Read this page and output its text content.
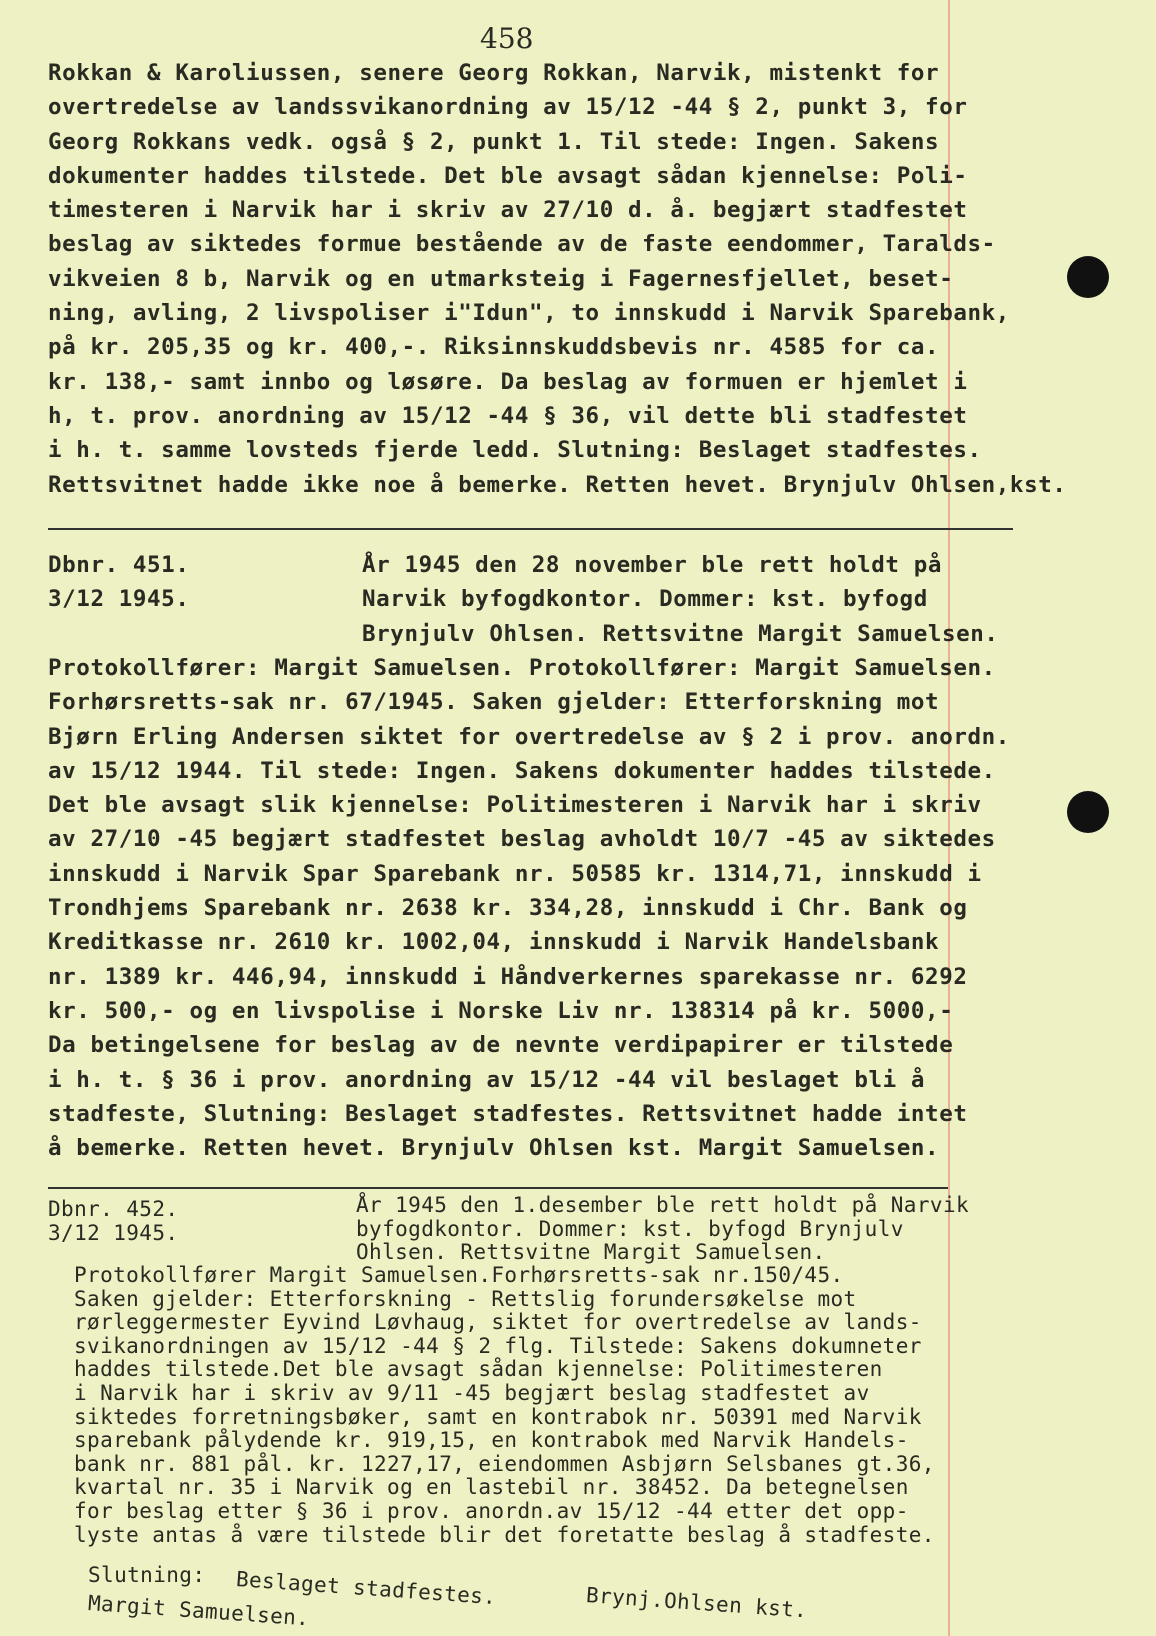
458
Rokkan & Karoliussen, senere Georg Rokkan, Narvik, mistenkt for
overtredelse av landssvikanordning av 15/12 -44 § 2, punkt 3, for
Georg Rokkans vedk. også § 2, punkt 1. Til stede: Ingen. Sakens
dokumenter haddes tilstede. Det ble avsagt sådan kjennelse: Poli-
timesteren i Narvik har i skriv av 27/10 d. å. begjært stadfestet
beslag av siktedes formue bestående av de faste eendommer, Taralds-
vikveien 8 b, Narvik og en utmarksteig i Fagernesfjellet, beset-
ning, avling, 2 livspoliser i"Idun", to innskudd i Narvik Sparebank,
på kr. 205,35 og kr. 400,-. Riksinnskuddsbevis nr. 4585 for ca.
kr. 138,- samt innbo og løsøre. Da beslag av formuen er hjemlet i
h, t. prov. anordning av 15/12 -44 § 36, vil dette bli stadfestet
i h. t. samme lovsteds fjerde ledd. Slutning: Beslaget stadfestes.
Rettsvitnet hadde ikke noe å bemerke. Retten hevet. Brynjulv Ohlsen,kst.
Dbnr. 451.
3/12 1945.
År 1945 den 28 november ble rett holdt på
Narvik byfogdkontor. Dommer: kst. byfogd
Brynjulv Ohlsen. Rettsvitne Margit Samuelsen.
Protokollfører: Margit Samuelsen. Protokollfører: Margit Samuelsen.
Forhørsretts-sak nr. 67/1945. Saken gjelder: Etterforskning mot
Bjørn Erling Andersen siktet for overtredelse av § 2 i prov. anordn.
av 15/12 1944. Til stede: Ingen. Sakens dokumenter haddes tilstede.
Det ble avsagt slik kjennelse: Politimesteren i Narvik har i skriv
av 27/10 -45 begjært stadfestet beslag avholdt 10/7 -45 av siktedes
innskudd i Narvik Spar Sparebank nr. 50585 kr. 1314,71, innskudd i
Trondhjems Sparebank nr. 2638 kr. 334,28, innskudd i Chr. Bank og
Kreditkasse nr. 2610 kr. 1002,04, innskudd i Narvik Handelsbank
nr. 1389 kr. 446,94, innskudd i Håndverkernes sparekasse nr. 6292
kr. 500,- og en livspolise i Norske Liv nr. 138314 på kr. 5000,-
Da betingelsene for beslag av de nevnte verdipapirer er tilstede
i h. t. § 36 i prov. anordning av 15/12 -44 vil beslaget bli å
stadfeste, Slutning: Beslaget stadfestes. Rettsvitnet hadde intet
å bemerke. Retten hevet. Brynjulv Ohlsen kst. Margit Samuelsen.
Dbnr. 452.
3/12 1945.
År 1945 den 1.desember ble rett holdt på Narvik
byfogdkontor. Dommer: kst. byfogd Brynjulv
Ohlsen. Rettsvitne Margit Samuelsen.
Protokollfører Margit Samuelsen.Forhørsretts-sak nr.150/45.
Saken gjelder: Etterforskning - Rettslig forundersøkelse mot
rørleggermester Eyvind Løvhaug, siktet for overtredelse av lands-
svikanordningen av 15/12 -44 § 2 flg. Tilstede: Sakens dokumneter
haddes tilstede.Det ble avsagt sådan kjennelse: Politimesteren
i Narvik har i skriv av 9/11 -45 begjært beslag stadfestet av
siktedes forretningsbøker, samt en kontrabok nr. 50391 med Narvik
sparebank pålydende kr. 919,15, en kontrabok med Narvik Handels-
bank nr. 881 pål. kr. 1227,17, eiendommen Asbjørn Selsbanes gt.36,
kvartal nr. 35 i Narvik og en lastebil nr. 38452. Da betegnelsen
for beslag etter § 36 i prov. anordn.av 15/12 -44 etter det opp-
lyste antas å være tilstede blir det foretatte beslag å stadfeste.
Slutning: Beslaget stadfestes.
Margit Samuelsen.	Brynj.Ohlsen kst.
